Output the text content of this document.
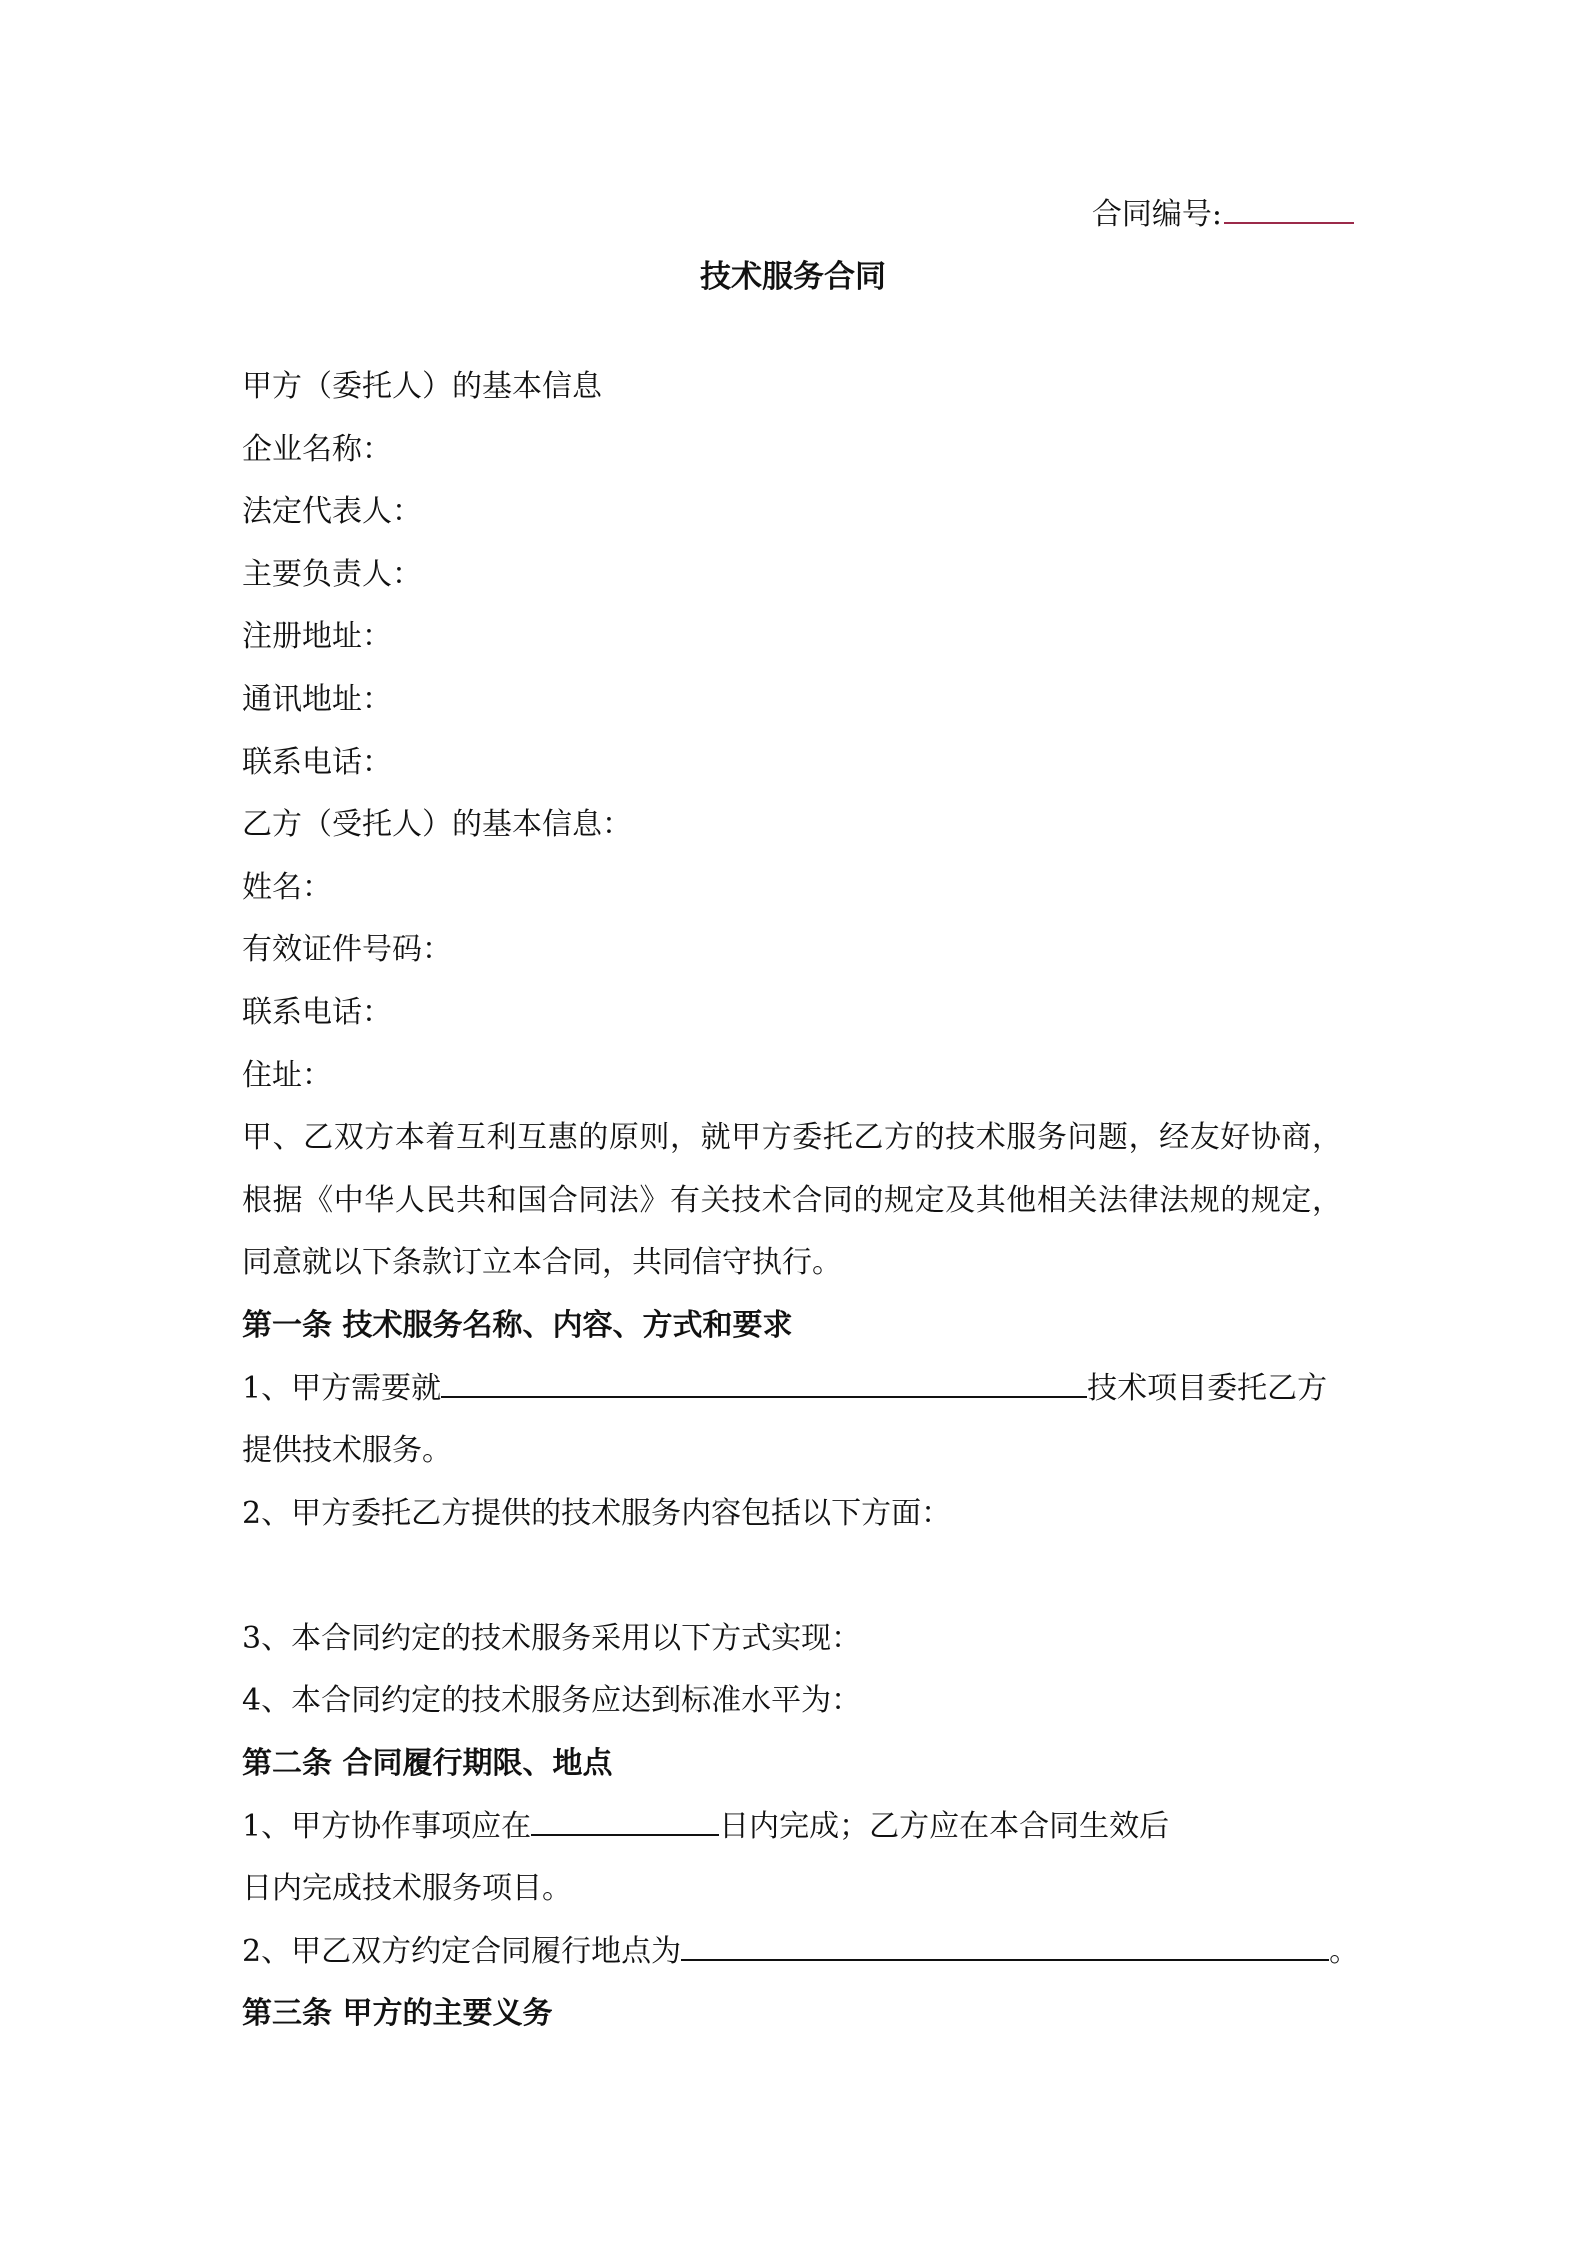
合同编号:
技术服务合同
甲方（委托人）的基本信息
企业名称：
法定代表人：
主要负责人：
注册地址：
通讯地址：
联系电话：
乙方（受托人）的基本信息：
姓名：
有效证件号码：
联系电话：
住址：
甲、乙双方本着互利互惠的原则，就甲方委托乙方的技术服务问题，经友好协商，根据《中华人民共和国合同法》有关技术合同的规定及其他相关法律法规的规定，同意就以下条款订立本合同，共同信守执行。
第一条 技术服务名称、内容、方式和要求
1、甲方需要就	技术项目委托乙方
提供技术服务。
2、甲方委托乙方提供的技术服务内容包括以下方面：
3、本合同约定的技术服务采用以下方式实现：
4、本合同约定的技术服务应达到标准水平为：
第二条 合同履行期限、地点
1、甲方协作事项应在	日内完成；乙方应在本合同生效后
日内完成技术服务项目。
2、甲乙双方约定合同履行地点为	。
第三条 甲方的主要义务
